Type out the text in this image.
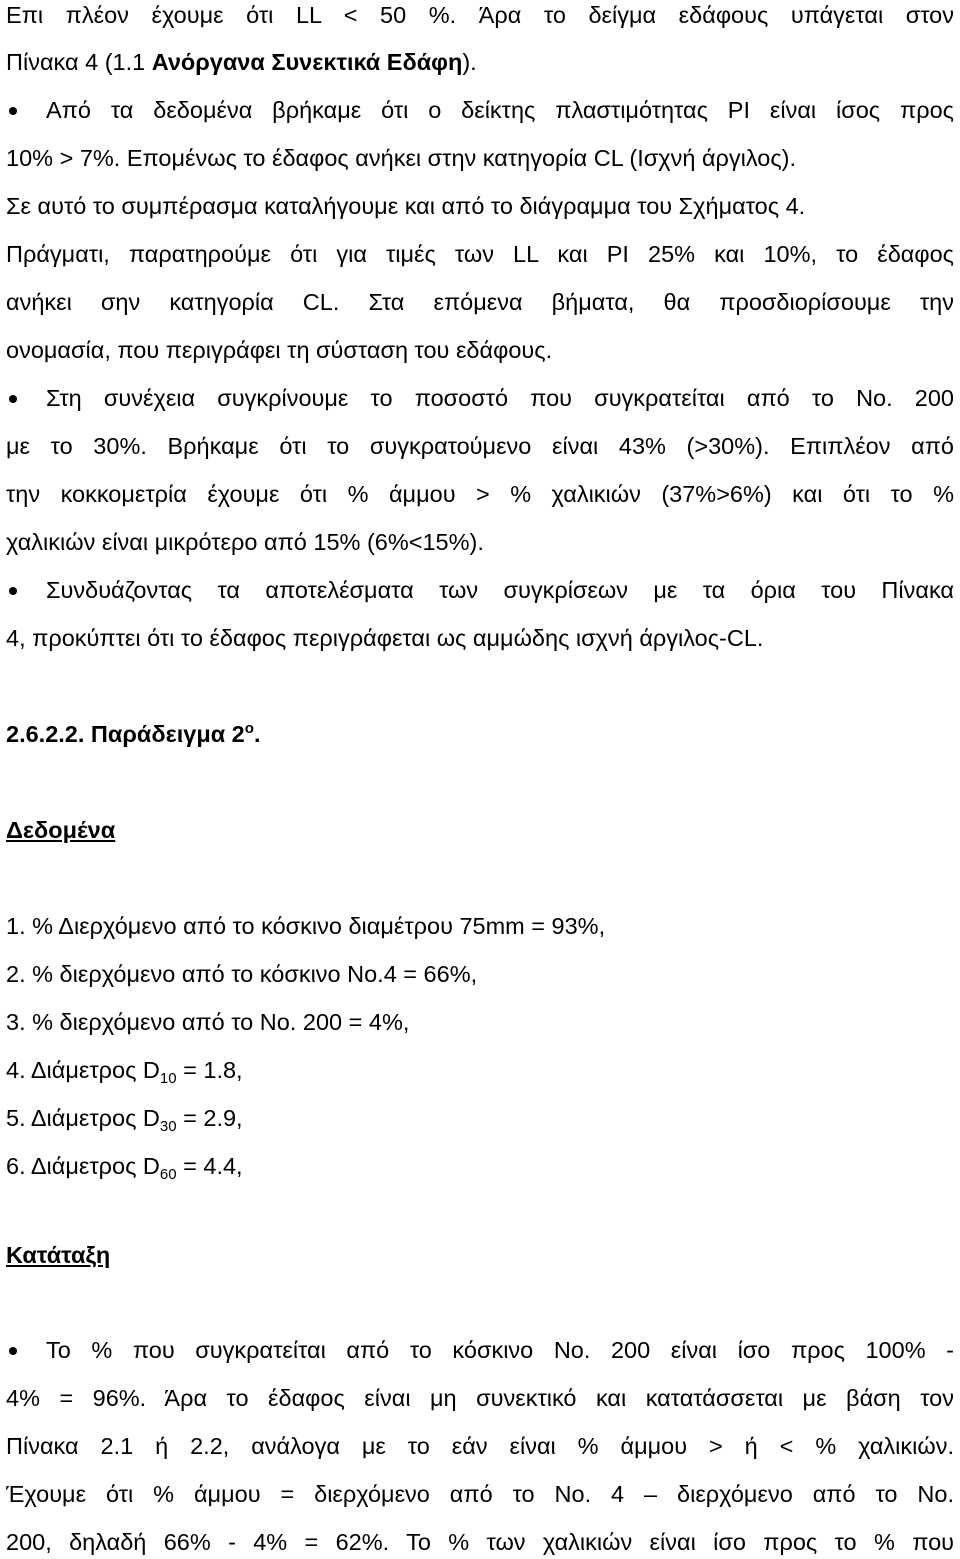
Επι πλέον έχουμε ότι LL < 50 %. Άρα το δείγμα εδάφους υπάγεται στον
Πίνακα 4 (1.1 Ανόργανα Συνεκτικά Εδάφη).
Από τα δεδομένα βρήκαμε ότι ο δείκτης πλαστιμότητας PI είναι ίσος προς
10% > 7%. Επομένως το έδαφος ανήκει στην κατηγορία CL (Ισχνή άργιλος).
Σε αυτό το συμπέρασμα καταλήγουμε και από το διάγραμμα του Σχήματος 4.
Πράγματι, παρατηρούμε ότι για τιμές των LL και PI 25% και 10%, το έδαφος
ανήκει σην κατηγορία CL. Στα επόμενα βήματα, θα προσδιορίσουμε την
ονομασία, που περιγράφει τη σύσταση του εδάφους.
Στη συνέχεια συγκρίνουμε το ποσοστό που συγκρατείται από το No. 200
με το 30%. Βρήκαμε ότι το συγκρατούμενο είναι 43% (>30%). Επιπλέον από
την κοκκομετρία έχουμε ότι % άμμου > % χαλικιών (37%>6%) και ότι το %
χαλικιών είναι μικρότερο από 15% (6%<15%).
Συνδυάζοντας τα αποτελέσματα των συγκρίσεων με τα όρια του Πίνακα
4, προκύπτει ότι το έδαφος περιγράφεται ως αμμώδης ισχνή άργιλος-CL.
2.6.2.2. Παράδειγμα $2^o$.
Δεδομένα
1. % Διερχόμενο από το κόσκινο διαμέτρου 75mm = 93%,
2. % διερχόμενο από το κόσκινο No.4 = 66%,
3. % διερχόμενο από το No. 200 = 4%,
4. Διάμετρος $D_{10} = 1.8$,
5. Διάμετρος $D_{30} = 2.9$,
6. Διάμετρος $D_{60} = 4.4$,
Κατάταξη
Το % που συγκρατείται από το κόσκινο No. 200 είναι ίσο προς 100% -
4% = 96%. Άρα το έδαφος είναι μη συνεκτικό και κατατάσσεται με βάση τον
Πίνακα 2.1 ή 2.2, ανάλογα με το εάν είναι % άμμου > ή < % χαλικιών.
Έχουμε ότι % άμμου = διερχόμενο από το No. 4 – διερχόμενο από το No.
200, δηλαδή 66% - 4% = 62%. Το % των χαλικιών είναι ίσο προς το % που
